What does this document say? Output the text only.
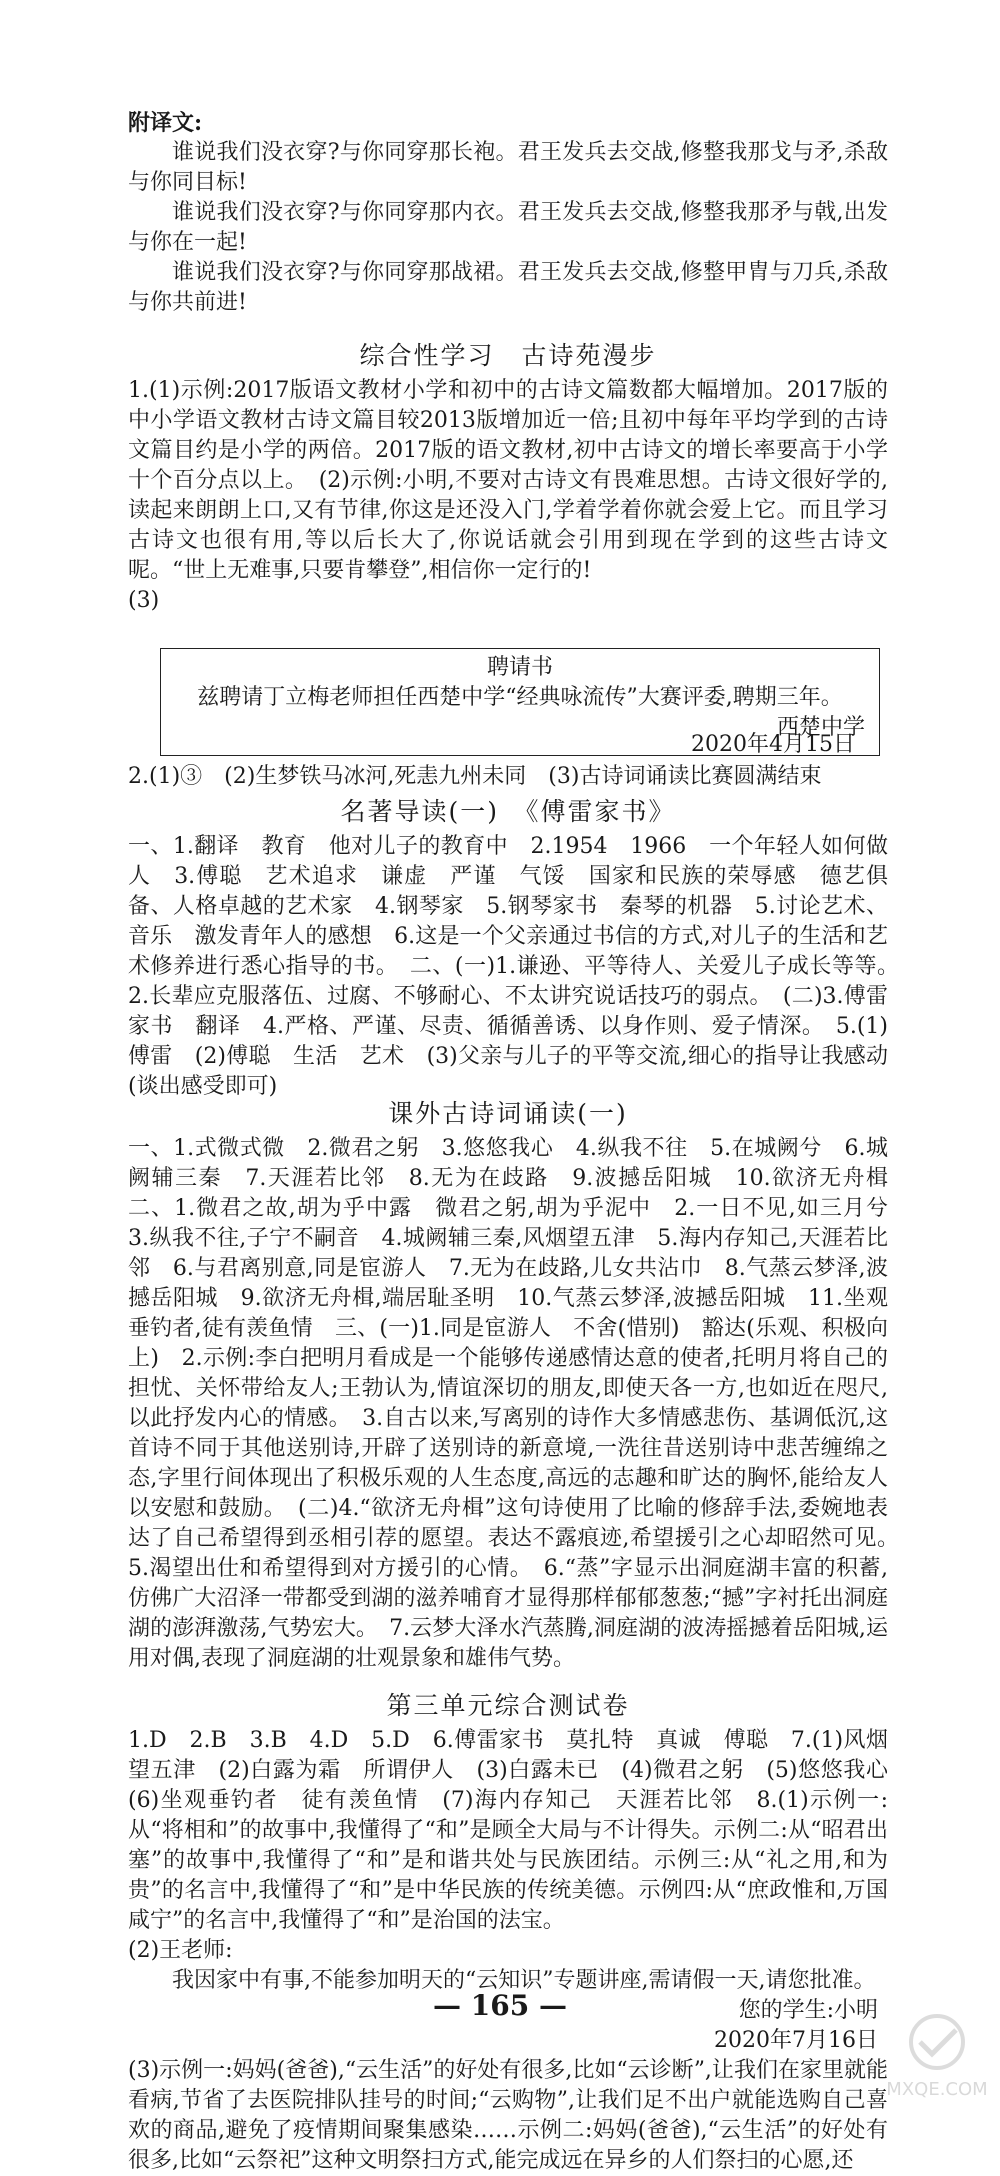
附译文:

谁说我们没衣穿?与你同穿那长袍。君王发兵去交战,修整我那戈与矛,杀敌与你同目标!

谁说我们没衣穿?与你同穿那内衣。君王发兵去交战,修整我那矛与戟,出发与你在一起!

谁说我们没衣穿?与你同穿那战裙。君王发兵去交战,修整甲胄与刀兵,杀敌与你共前进!

综合性学习　古诗苑漫步

1.(1)示例:2017版语文教材小学和初中的古诗文篇数都大幅增加。2017版的中小学语文教材古诗文篇目较2013版增加近一倍;且初中每年平均学到的古诗文篇目约是小学的两倍。2017版的语文教材,初中古诗文的增长率要高于小学十个百分点以上。　(2)示例:小明,不要对古诗文有畏难思想。古诗文很好学的,读起来朗朗上口,又有节律,你这是还没入门,学着学着你就会爱上它。而且学习古诗文也很有用,等以后长大了,你说话就会引用到现在学到的这些古诗文呢。“世上无难事,只要肯攀登”,相信你一定行的!

(3)

聘请书
兹聘请丁立梅老师担任西楚中学“经典咏流传”大赛评委,聘期三年。
西楚中学

2020年4月15日

2.(1)③　(2)生梦铁马冰河,死恚九州未同　(3)古诗词诵读比赛圆满结束

名著导读(一)　《傅雷家书》

一、1.翻译　教育　他对儿子的教育中　2.1954　1966　一个年轻人如何做人　3.傅聪　艺术追求　谦虚　严谨　气馁　国家和民族的荣辱感　德艺俱备、人格卓越的艺术家　4.钢琴家　5.钢琴家书　秦琴的机器　5.讨论艺术、音乐　激发青年人的感想　6.这是一个父亲通过书信的方式,对儿子的生活和艺术修养进行悉心指导的书。　二、(一)1.谦逊、平等待人、关爱儿子成长等等。　2.长辈应克服落伍、过腐、不够耐心、不太讲究说话技巧的弱点。　(二)3.傅雷家书　翻译　4.严格、严谨、尽责、循循善诱、以身作则、爱子情深。　5.(1)傅雷　(2)傅聪　生活　艺术　(3)父亲与儿子的平等交流,细心的指导让我感动(谈出感受即可)

课外古诗词诵读(一)

一、1.式微式微　2.微君之躬　3.悠悠我心　4.纵我不往　5.在城阙兮　6.城阙辅三秦　7.天涯若比邻　8.无为在歧路　9.波撼岳阳城　10.欲济无舟楫　二、1.微君之故,胡为乎中露　微君之躬,胡为乎泥中　2.一日不见,如三月兮　3.纵我不往,子宁不嗣音　4.城阙辅三秦,风烟望五津　5.海内存知己,天涯若比邻　6.与君离别意,同是宦游人　7.无为在歧路,儿女共沾巾　8.气蒸云梦泽,波撼岳阳城　9.欲济无舟楫,端居耻圣明　10.气蒸云梦泽,波撼岳阳城　11.坐观垂钓者,徒有羡鱼情　三、(一)1.同是宦游人　不舍(惜别)　豁达(乐观、积极向上)　2.示例:李白把明月看成是一个能够传递感情达意的使者,托明月将自己的担忧、关怀带给友人;王勃认为,情谊深切的朋友,即使天各一方,也如近在咫尺,以此抒发内心的情感。　3.自古以来,写离别的诗作大多情感悲伤、基调低沉,这首诗不同于其他送别诗,开辟了送别诗的新意境,一洗往昔送别诗中悲苦缠绵之态,字里行间体现出了积极乐观的人生态度,高远的志趣和旷达的胸怀,能给友人以安慰和鼓励。　(二)4.“欲济无舟楫”这句诗使用了比喻的修辞手法,委婉地表达了自己希望得到丞相引荐的愿望。表达不露痕迹,希望援引之心却昭然可见。　5.渴望出仕和希望得到对方援引的心情。　6.“蒸”字显示出洞庭湖丰富的积蓄,仿佛广大沼泽一带都受到湖的滋养哺育才显得那样郁郁葱葱;“撼”字衬托出洞庭湖的澎湃激荡,气势宏大。　7.云梦大泽水汽蒸腾,洞庭湖的波涛摇撼着岳阳城,运用对偶,表现了洞庭湖的壮观景象和雄伟气势。

第三单元综合测试卷

1.D　2.B　3.B　4.D　5.D　6.傅雷家书　莫扎特　真诚　傅聪　7.(1)风烟望五津　(2)白露为霜　所谓伊人　(3)白露未已　(4)微君之躬　(5)悠悠我心　(6)坐观垂钓者　徒有羡鱼情　(7)海内存知己　天涯若比邻　8.(1)示例一:从“将相和”的故事中,我懂得了“和”是顾全大局与不计得失。示例二:从“昭君出塞”的故事中,我懂得了“和”是和谐共处与民族团结。示例三:从“礼之用,和为贵”的名言中,我懂得了“和”是中华民族的传统美德。示例四:从“庶政惟和,万国咸宁”的名言中,我懂得了“和”是治国的法宝。

(2)王老师:

我因家中有事,不能参加明天的“云知识”专题讲座,需请假一天,请您批准。

您的学生:小明

2020年7月16日

(3)示例一:妈妈(爸爸),“云生活”的好处有很多,比如“云诊断”,让我们在家里就能看病,节省了去医院排队挂号的时间;“云购物”,让我们足不出户就能选购自己喜欢的商品,避免了疫情期间聚集感染……示例二:妈妈(爸爸),“云生活”的好处有很多,比如“云祭祀”这种文明祭扫方式,能完成远在异乡的人们祭扫的心愿,还

— 165 —
MXQE.COM
